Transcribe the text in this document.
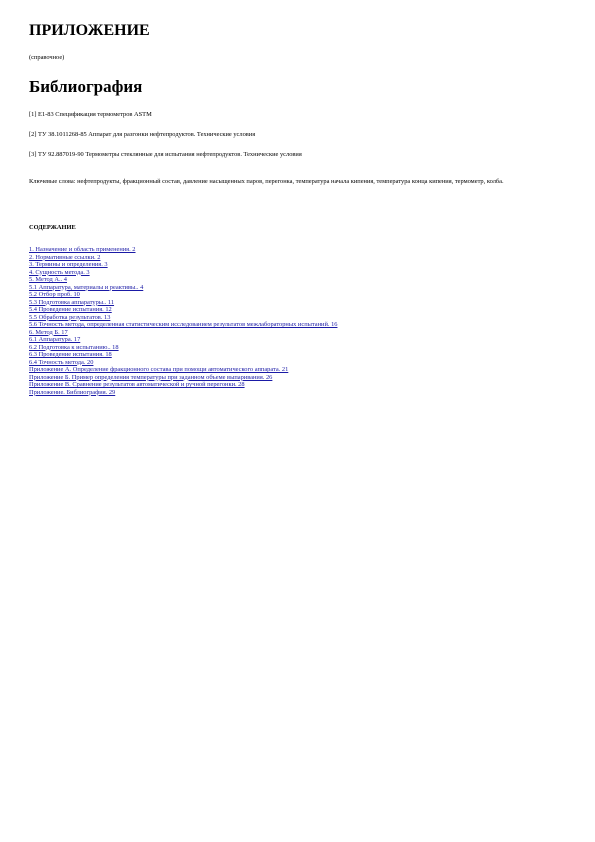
ПРИЛОЖЕНИЕ
(справочное)
Библиография
[1] E1-83 Спецификация термометров ASTM
[2] ТУ 38.1011268-85 Аппарат для разгонки нефтепродуктов. Технические условия
[3] ТУ 92.887019-90 Термометры стеклянные для испытания нефтепродуктов. Технические условия
Ключевые слова: нефтепродукты, фракционный состав, давление насыщенных паров, перегонка, температура начала кипения, температура конца кипения, термометр, колба.
СОДЕРЖАНИЕ
1. Назначение и область применения. 2
2. Нормативные ссылки. 2
3. Термины и определения. 3
4. Сущность метода. 3
5. Метод А.. 4
5.1 Аппаратура, материалы и реактивы.. 4
5.2 Отбор проб. 10
5.3 Подготовка аппаратуры.. 11
5.4 Проведение испытания. 12
5.5 Обработка результатов. 13
5.6 Точность метода, определенная статистическим исследованием результатов межлабораторных испытаний. 16
6. Метод Б. 17
6.1 Аппаратура. 17
6.2 Подготовка к испытанию.. 18
6.3 Проведение испытания. 18
6.4 Точность метода. 20
Приложение А. Определение фракционного состава при помощи автоматического аппарата. 21
Приложение Б. Пример определения температуры при заданном объеме выпаривания. 26
Приложение В. Сравнение результатов автоматической и ручной перегонки. 28
Приложение. Библиография. 29
